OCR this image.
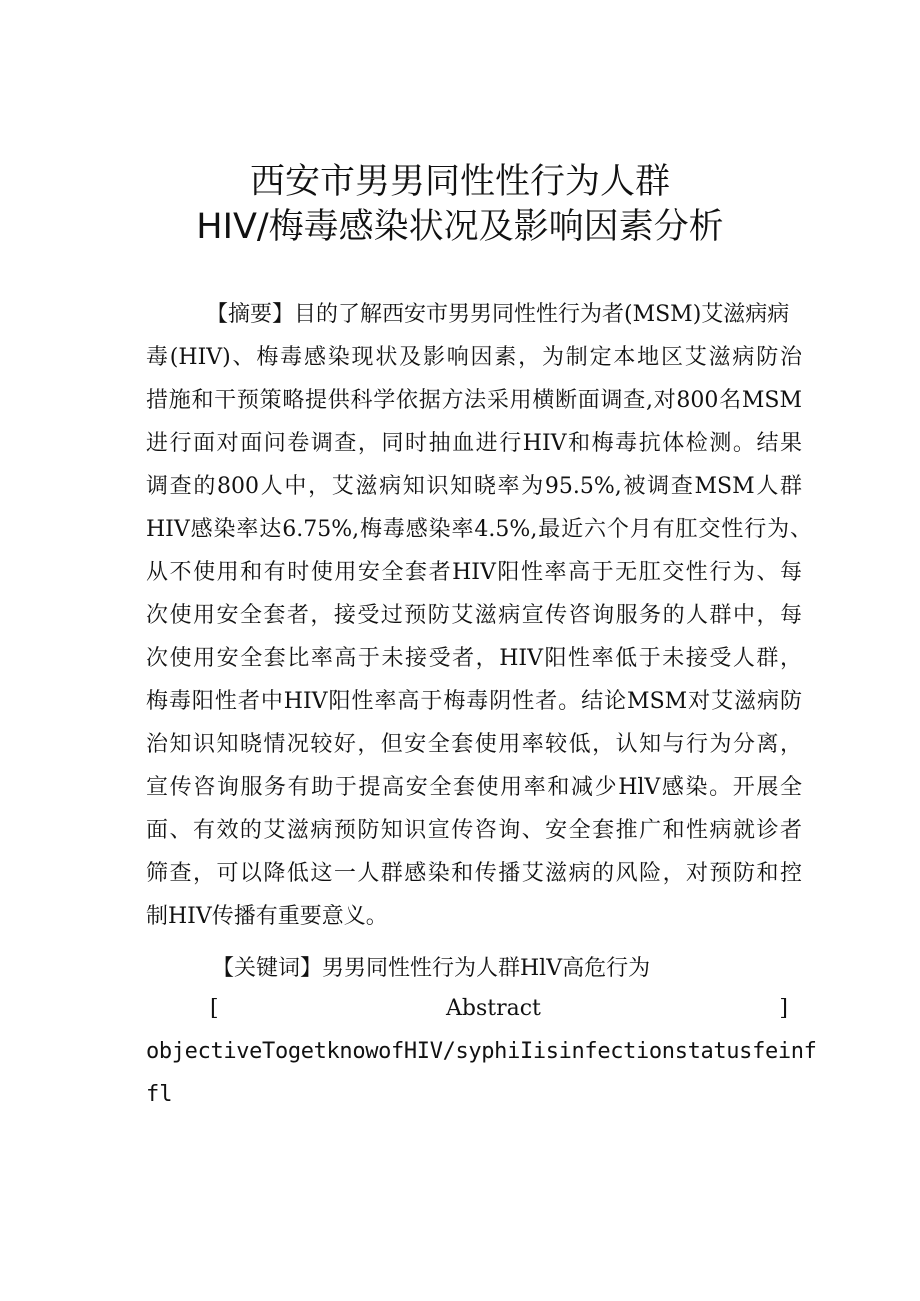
西安市男男同性性行为人群
HIV/梅毒感染状况及影响因素分析
【摘要】目的了解西安市男男同性性行为者(MSM)艾滋病病
毒(HIV)、梅毒感染现状及影响因素，为制定本地区艾滋病防治
措施和干预策略提供科学依据方法采用横断面调查,对800名MSM
进行面对面问卷调查，同时抽血进行HIV和梅毒抗体检测。结果
调查的800人中，艾滋病知识知晓率为95.5%,被调查MSM人群
HIV感染率达6.75%,梅毒感染率4.5%,最近六个月有肛交性行为、
从不使用和有时使用安全套者HIV阳性率高于无肛交性行为、每
次使用安全套者，接受过预防艾滋病宣传咨询服务的人群中，每
次使用安全套比率高于未接受者，HIV阳性率低于未接受人群，
梅毒阳性者中HIV阳性率高于梅毒阴性者。结论MSM对艾滋病防
治知识知晓情况较好，但安全套使用率较低，认知与行为分离，
宣传咨询服务有助于提高安全套使用率和减少HlV感染。开展全
面、有效的艾滋病预防知识宣传咨询、安全套推广和性病就诊者
筛查，可以降低这一人群感染和传播艾滋病的风险，对预防和控
制HIV传播有重要意义。
【关键词】男男同性性行为人群HlV高危行为
[	Abstract	]
objectiveTogetknowofHIV/syphiIisinfectionstatusfeinf
fl
